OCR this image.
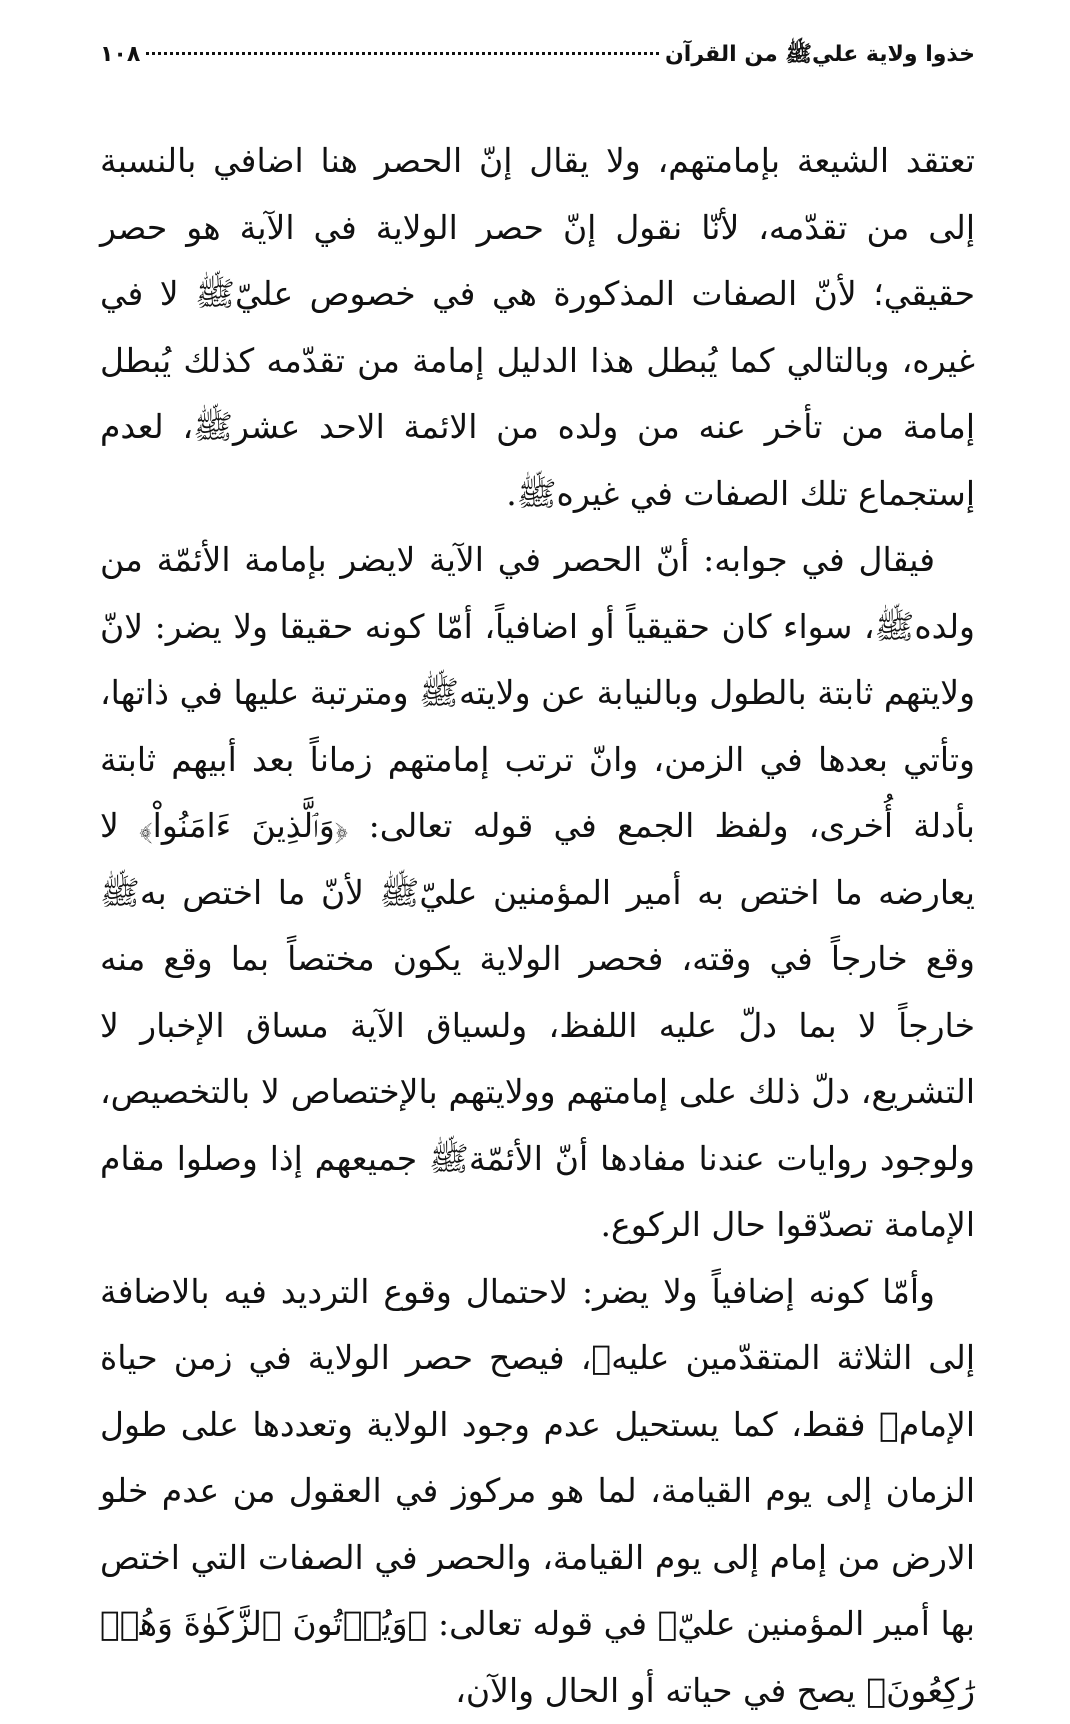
خذوا ولاية عليﷺ من القرآن
١٠٨

تعتقد الشيعة بإمامتهم، ولا يقال إنّ الحصر هنا اضافي بالنسبة إلى من تقدّمه، لأنّا نقول إنّ حصر الولاية في الآية هو حصر حقيقي؛ لأنّ الصفات المذكورة هي في خصوص عليّﷺ لا في غيره، وبالتالي كما يُبطل هذا الدليل إمامة من تقدّمه كذلك يُبطل إمامة من تأخر عنه من ولده من الائمة الاحد عشرﷺ، لعدم إستجماع تلك الصفات في غيرهﷺ.

فيقال في جوابه: أنّ الحصر في الآية لايضر بإمامة الأئمّة من ولدهﷺ، سواء كان حقيقياً أو اضافياً، أمّا كونه حقيقا ولا يضر: لانّ ولايتهم ثابتة بالطول وبالنيابة عن ولايتهﷺ ومترتبة عليها في ذاتها، وتأتي بعدها في الزمن، وانّ ترتب إمامتهم زماناً بعد أبيهم ثابتة بأدلة أُخرى، ولفظ الجمع في قوله تعالى: ﴿وَٱلَّذِينَ ءَامَنُواْ﴾ لا يعارضه ما اختص به أمير المؤمنين عليّﷺ لأنّ ما اختص بهﷺ وقع خارجاً في وقته، فحصر الولاية يكون مختصاً بما وقع منه خارجاً لا بما دلّ عليه اللفظ، ولسياق الآية مساق الإخبار لا التشريع، دلّ ذلك على إمامتهم وولايتهم بالإختصاص لا بالتخصيص، ولوجود روايات عندنا مفادها أنّ الأئمّةﷺ جميعهم إذا وصلوا مقام الإمامة تصدّقوا حال الركوع.

وأمّا كونه إضافياً ولا يضر: لاحتمال وقوع الترديد فيه بالاضافة إلى الثلاثة المتقدّمين عليهﷺ، فيصح حصر الولاية في زمن حياة الإمامﷺ فقط، كما يستحيل عدم وجود الولاية وتعددها على طول الزمان إلى يوم القيامة، لما هو مركوز في العقول من عدم خلو الارض من إمام إلى يوم القيامة، والحصر في الصفات التي اختص بها أمير المؤمنين عليّﷺ في قوله تعالى: ﴿وَيُؤۡتُونَ ٱلزَّكَوٰةَ وَهُمۡ رَٰكِعُونَ﴾ يصح في حياته أو الحال والآن،
